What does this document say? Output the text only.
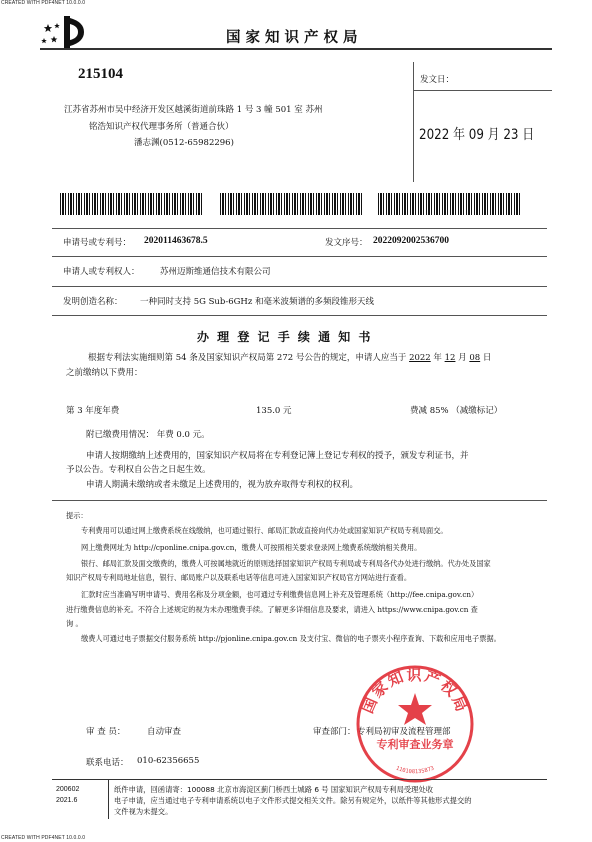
CREATED WITH PDF4NET 10.0.0.0
CREATED WITH PDF4NET 10.0.0.0
国家知识产权局
215104
江苏省苏州市吴中经济开发区越溪街道前珠路 1 号 3 幢 501 室 苏州
铭浩知识产权代理事务所（普通合伙）
潘志渊(0512-65982296)
发文日：
2022 年 09 月 23 日
申请号或专利号： 202011463678.5	发文序号： 2022092002536700
申请人或专利权人： 苏州迈斯维通信技术有限公司
发明创造名称： 一种同时支持 5G Sub-6GHz 和毫米波频谱的多频段锥形天线
办 理 登 记 手 续 通 知 书
根据专利法实施细则第 54 条及国家知识产权局第 272 号公告的规定，申请人应当于 2022 年 12 月 08 日
之前缴纳以下费用：
第 3 年度年费	135.0 元	费减 85% （减缴标记）
附已缴费用情况： 年费 0.0 元。
申请人按期缴纳上述费用的，国家知识产权局将在专利登记簿上登记专利权的授予，颁发专利证书，并
予以公告。专利权自公告之日起生效。
申请人期满未缴纳或者未缴足上述费用的，视为放弃取得专利权的权利。
提示：
专利费用可以通过网上缴费系统在线缴纳，也可通过银行、邮局汇款或直接向代办处或国家知识产权局专利局面交。
网上缴费网址为 http://cponline.cnipa.gov.cn，缴费人可按照相关要求登录网上缴费系统缴纳相关费用。
银行、邮局汇款及面交缴费的，缴费人可按属地就近的原则选择国家知识产权局专利局或专利局各代办处进行缴纳。代办处及国家
知识产权局专利局地址信息，银行、邮局账户以及联系电话等信息可进入国家知识产权局官方网站进行查看。
汇款时应当准确写明申请号、费用名称及分项金额，也可通过专利缴费信息网上补充及管理系统（http://fee.cnipa.gov.cn）
进行缴费信息的补充。不符合上述规定的视为未办理缴费手续。了解更多详细信息及要求，请进入 https://www.cnipa.gov.cn 查
询 。
缴费人可通过电子票据交付服务系统 http://pjonline.cnipa.gov.cn 及支付宝、微信的电子票夹小程序查询、下载和应用电子票据。
审 查 员：	自动审查	审查部门： 专利局初审及流程管理部
联系电话： 010-62356655
国家知识产权局
专利审查业务章
110108135873
200602
2021.6
纸件申请，回函请寄：100088 北京市海淀区蓟门桥西土城路 6 号 国家知识产权局专利局受理处收
电子申请，应当通过电子专利申请系统以电子文件形式提交相关文件。除另有规定外，以纸件等其他形式提交的
文件视为未提交。
